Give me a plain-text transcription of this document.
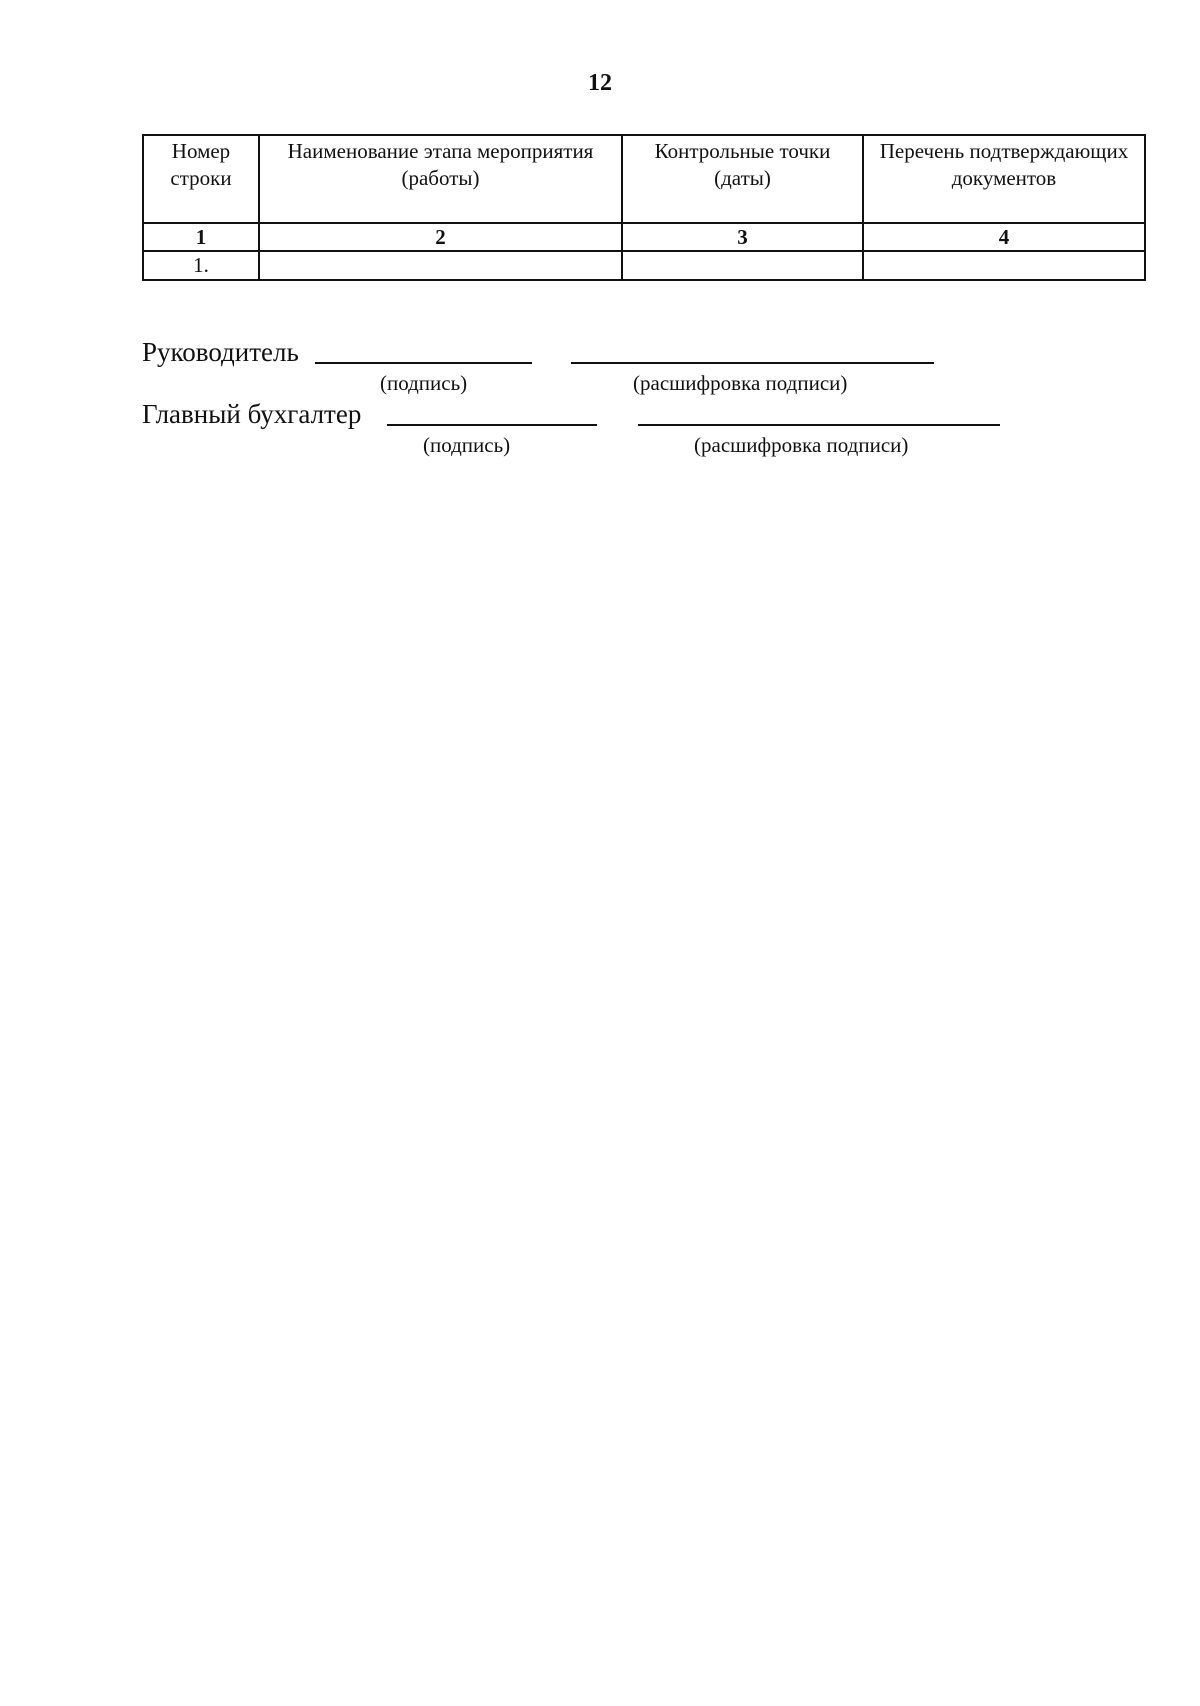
12
Номер строки	Наименование этапа мероприятия (работы)	Контрольные точки (даты)	Перечень подтверждающих документов
1	2	3	4
1.			
Руководитель
(подпись)	(расшифровка подписи)
Главный бухгалтер
(подпись)	(расшифровка подписи)
